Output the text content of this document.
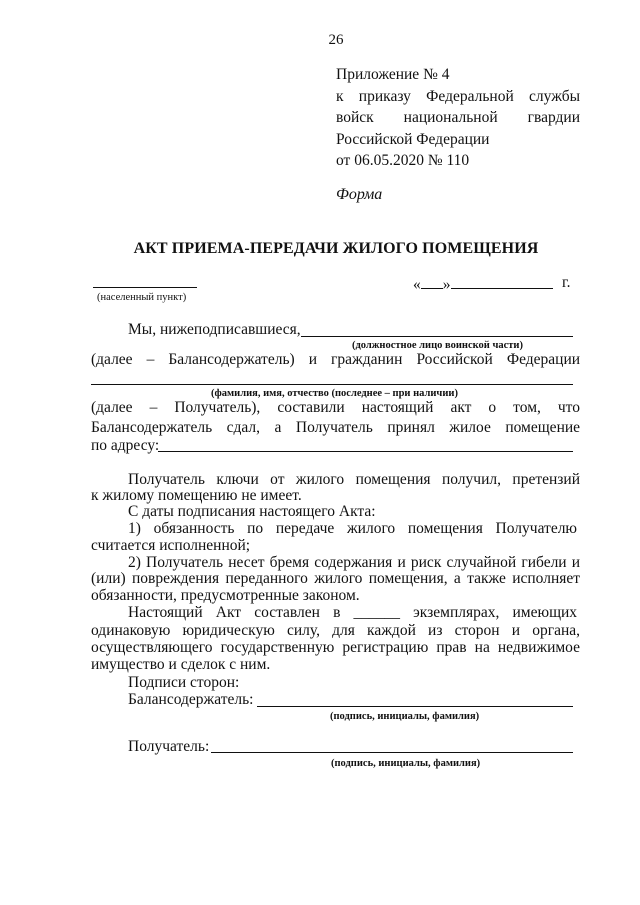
26
Приложение № 4
к приказу Федеральной службы
войск национальной гвардии
Российской Федерации
от 06.05.2020 № 110
Форма
АКТ ПРИЕМА-ПЕРЕДАЧИ ЖИЛОГО ПОМЕЩЕНИЯ
(населенный пункт)
« »	г.
Мы, нижеподписавшиеся,
(должностное лицо воинской части)
(далее – Балансодержатель) и гражданин Российской Федерации
(фамилия, имя, отчество (последнее – при наличии)
(далее – Получатель), составили настоящий акт о том, что
Балансодержатель сдал, а Получатель принял жилое помещение
по адресу:
Получатель ключи от жилого помещения получил, претензий
к жилому помещению не имеет.
С даты подписания настоящего Акта:
1) обязанность по передаче жилого помещения Получателю
считается исполненной;
2) Получатель несет бремя содержания и риск случайной гибели и
(или) повреждения переданного жилого помещения, а также исполняет
обязанности, предусмотренные законом.
Настоящий Акт составлен в ______ экземплярах, имеющих
одинаковую юридическую силу, для каждой из сторон и органа,
осуществляющего государственную регистрацию прав на недвижимое
имущество и сделок с ним.
Подписи сторон:
Балансодержатель:
(подпись, инициалы, фамилия)
Получатель:
(подпись, инициалы, фамилия)
